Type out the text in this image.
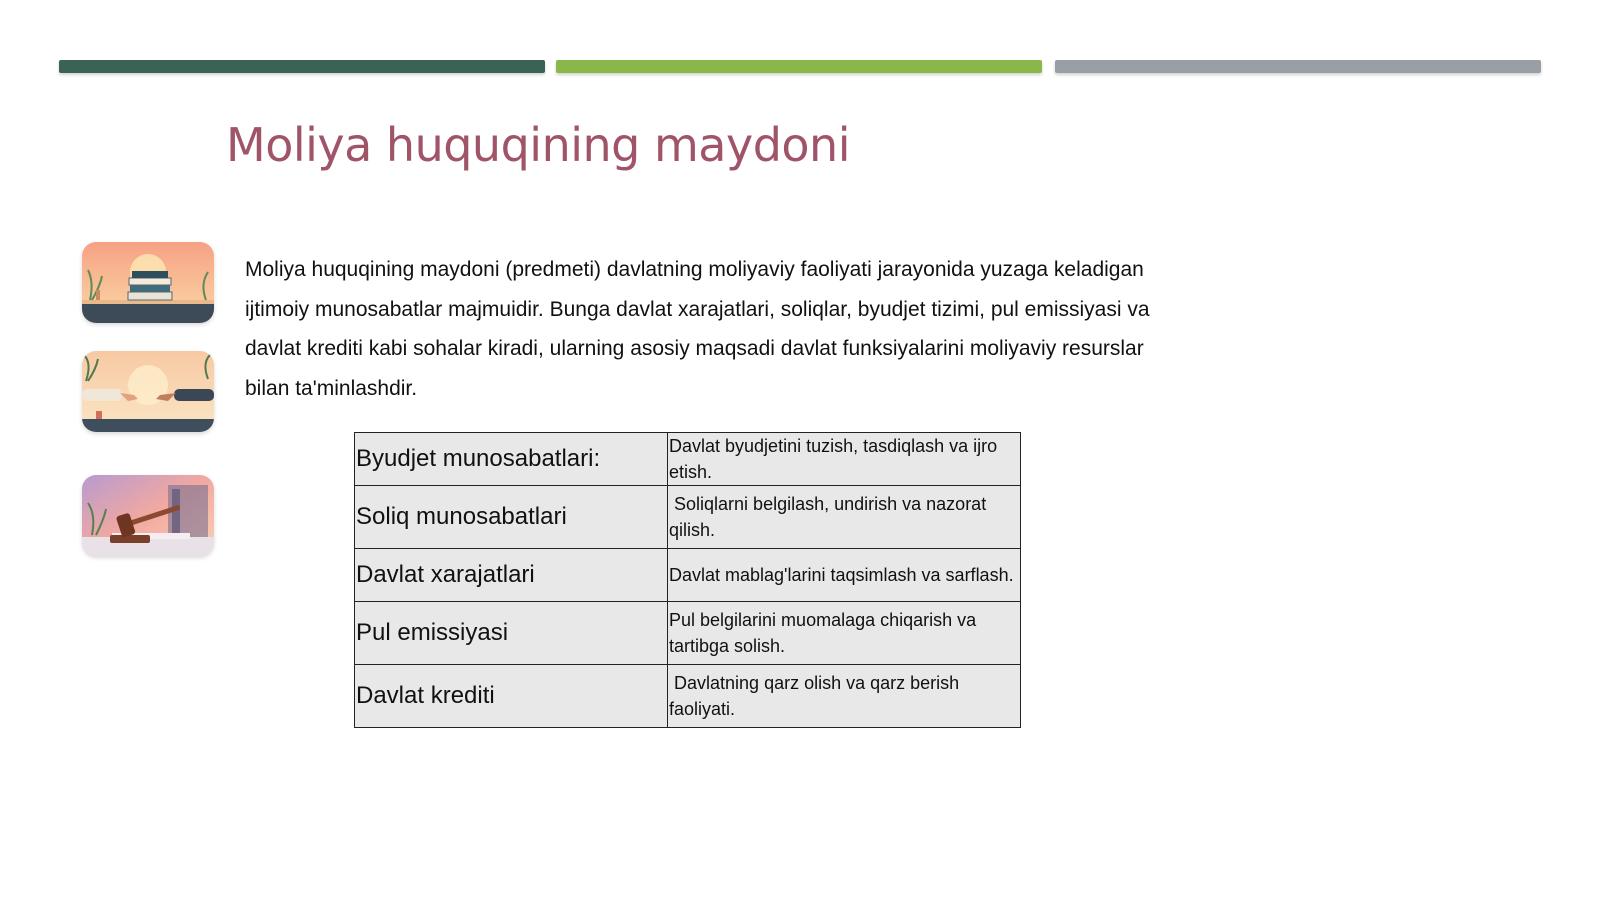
Moliya huquqining maydoni

Moliya huquqining maydoni (predmeti) davlatning moliyaviy faoliyati jarayonida yuzaga keladigan ijtimoiy munosabatlar majmuidir. Bunga davlat xarajatlari, soliqlar, byudjet tizimi, pul emissiyasi va davlat krediti kabi sohalar kiradi, ularning asosiy maqsadi davlat funksiyalarini moliyaviy resurslar bilan ta'minlashdir.

Byudjet munosabatlari:	Davlat byudjetini tuzish, tasdiqlash va ijro etish.
Soliq munosabatlari	Soliqlarni belgilash, undirish va nazorat qilish.
Davlat xarajatlari	Davlat mablag'larini taqsimlash va sarflash.
Pul emissiyasi	Pul belgilarini muomalaga chiqarish va tartibga solish.
Davlat krediti	Davlatning qarz olish va qarz berish faoliyati.
